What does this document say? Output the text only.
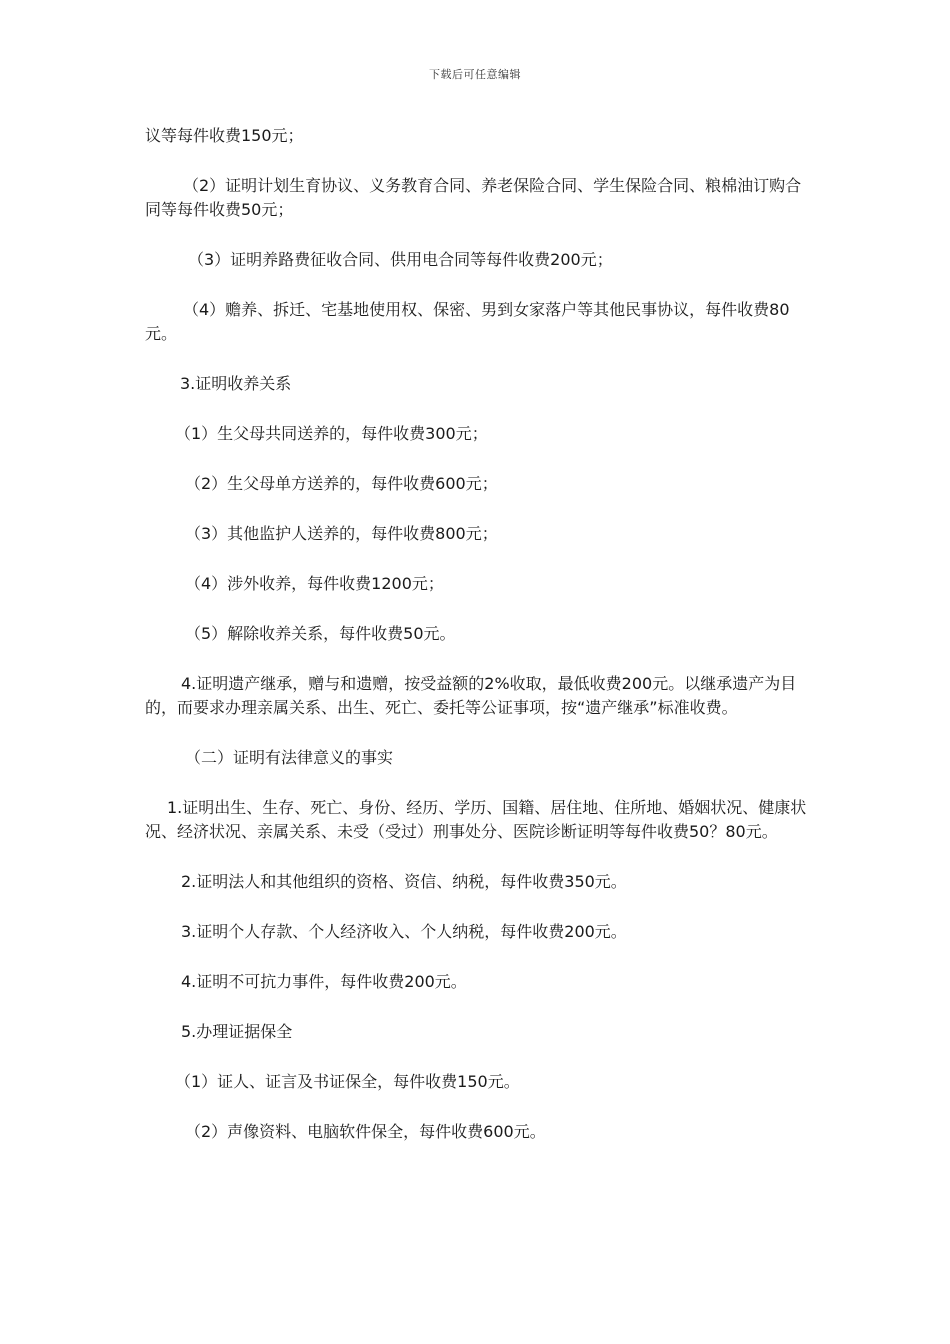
下载后可任意编辑

议等每件收费150元；

（2）证明计划生育协议、义务教育合同、养老保险合同、学生保险合同、粮棉油订购合同等每件收费50元；

（3）证明养路费征收合同、供用电合同等每件收费200元；

（4）赡养、拆迁、宅基地使用权、保密、男到女家落户等其他民事协议，每件收费80元。

3.证明收养关系

（1）生父母共同送养的，每件收费300元；

（2）生父母单方送养的，每件收费600元；

（3）其他监护人送养的，每件收费800元；

（4）涉外收养，每件收费1200元；

（5）解除收养关系，每件收费50元。

4.证明遗产继承，赠与和遗赠，按受益额的2%收取，最低收费200元。以继承遗产为目的，而要求办理亲属关系、出生、死亡、委托等公证事项，按“遗产继承”标准收费。

（二）证明有法律意义的事实

1.证明出生、生存、死亡、身份、经历、学历、国籍、居住地、住所地、婚姻状况、健康状况、经济状况、亲属关系、未受（受过）刑事处分、医院诊断证明等每件收费50？80元。

2.证明法人和其他组织的资格、资信、纳税，每件收费350元。

3.证明个人存款、个人经济收入、个人纳税，每件收费200元。

4.证明不可抗力事件，每件收费200元。

5.办理证据保全

（1）证人、证言及书证保全，每件收费150元。

（2）声像资料、电脑软件保全，每件收费600元。
